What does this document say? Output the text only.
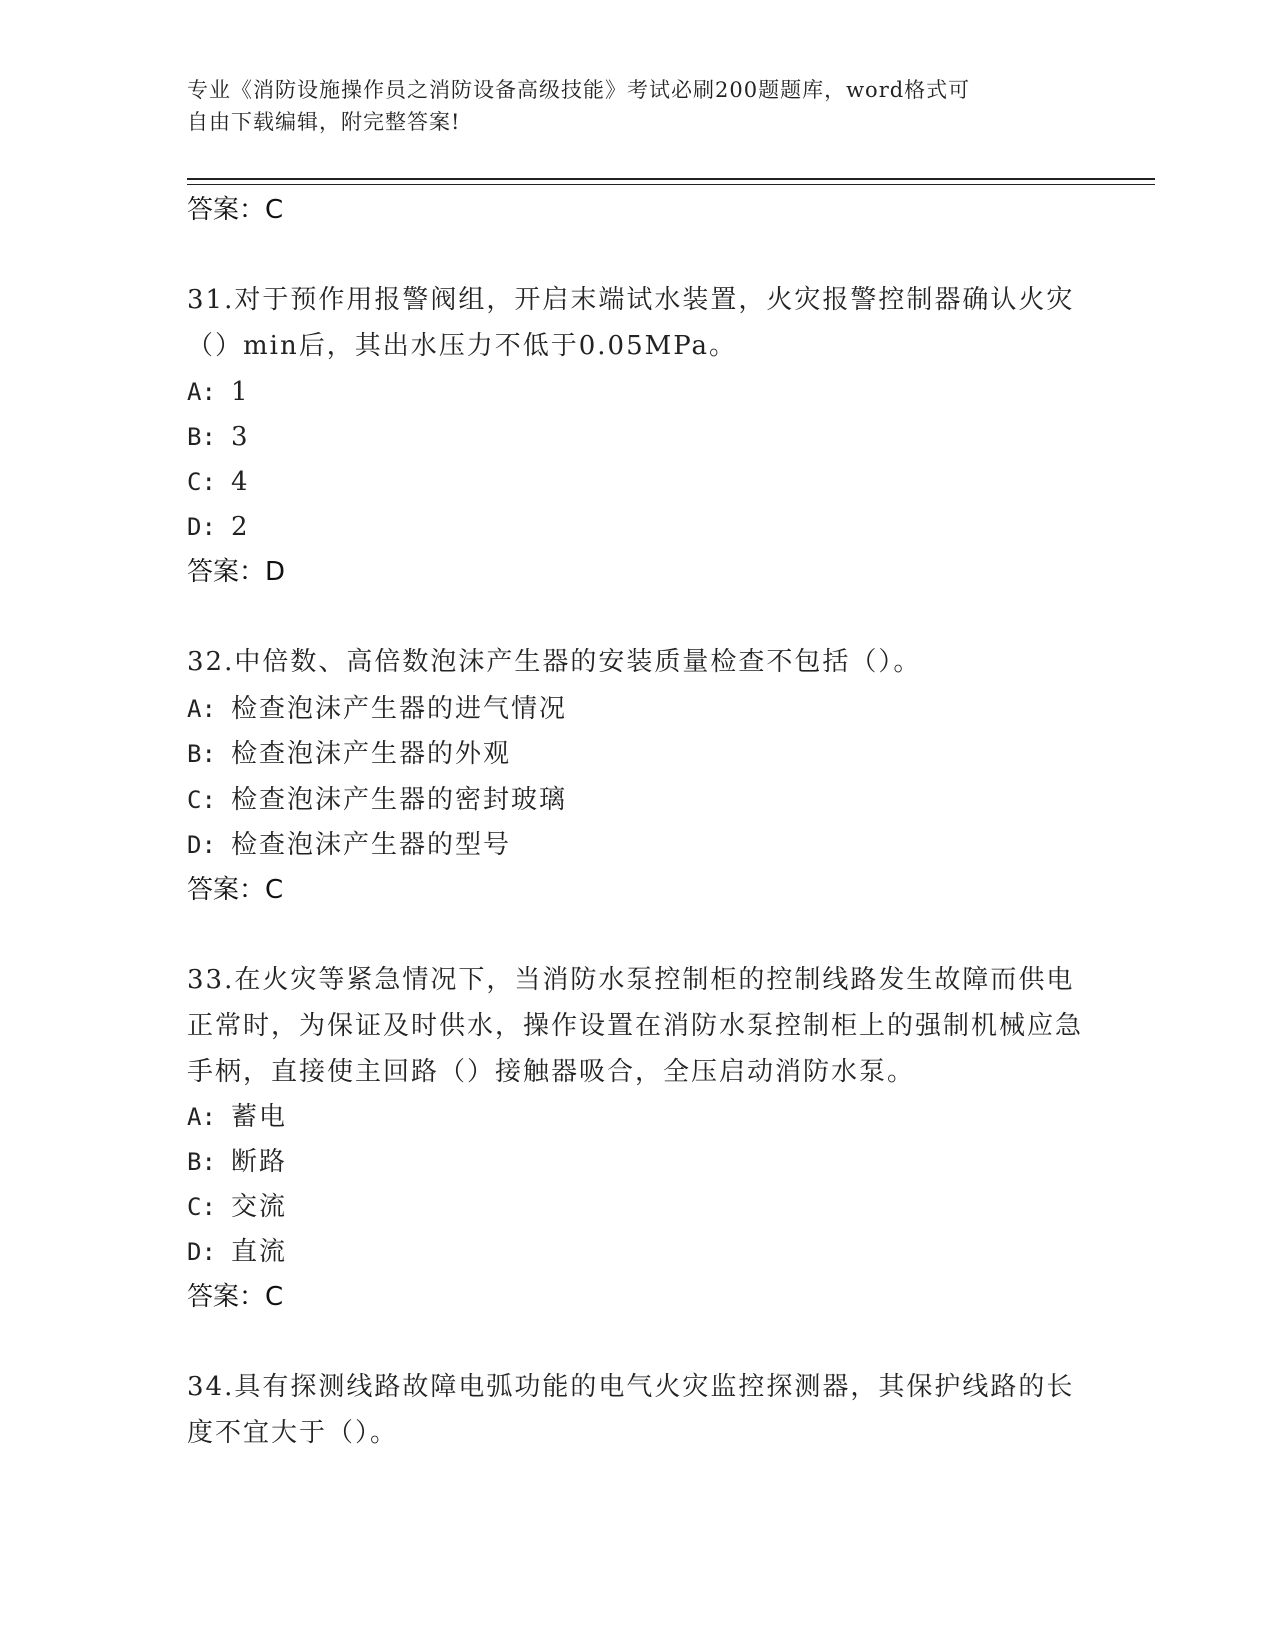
专业《消防设施操作员之消防设备高级技能》考试必刷200题题库，word格式可
自由下载编辑，附完整答案!
答案：C
31.对于预作用报警阀组，开启末端试水装置，火灾报警控制器确认火灾（）min后，其出水压力不低于0.05MPa。
A: 1
B: 3
C: 4
D: 2
答案：D
32.中倍数、高倍数泡沫产生器的安装质量检查不包括（）。
A: 检查泡沫产生器的进气情况
B: 检查泡沫产生器的外观
C: 检查泡沫产生器的密封玻璃
D: 检查泡沫产生器的型号
答案：C
33.在火灾等紧急情况下，当消防水泵控制柜的控制线路发生故障而供电正常时，为保证及时供水，操作设置在消防水泵控制柜上的强制机械应急手柄，直接使主回路（）接触器吸合，全压启动消防水泵。
A: 蓄电
B: 断路
C: 交流
D: 直流
答案：C
34.具有探测线路故障电弧功能的电气火灾监控探测器，其保护线路的长度不宜大于（）。
